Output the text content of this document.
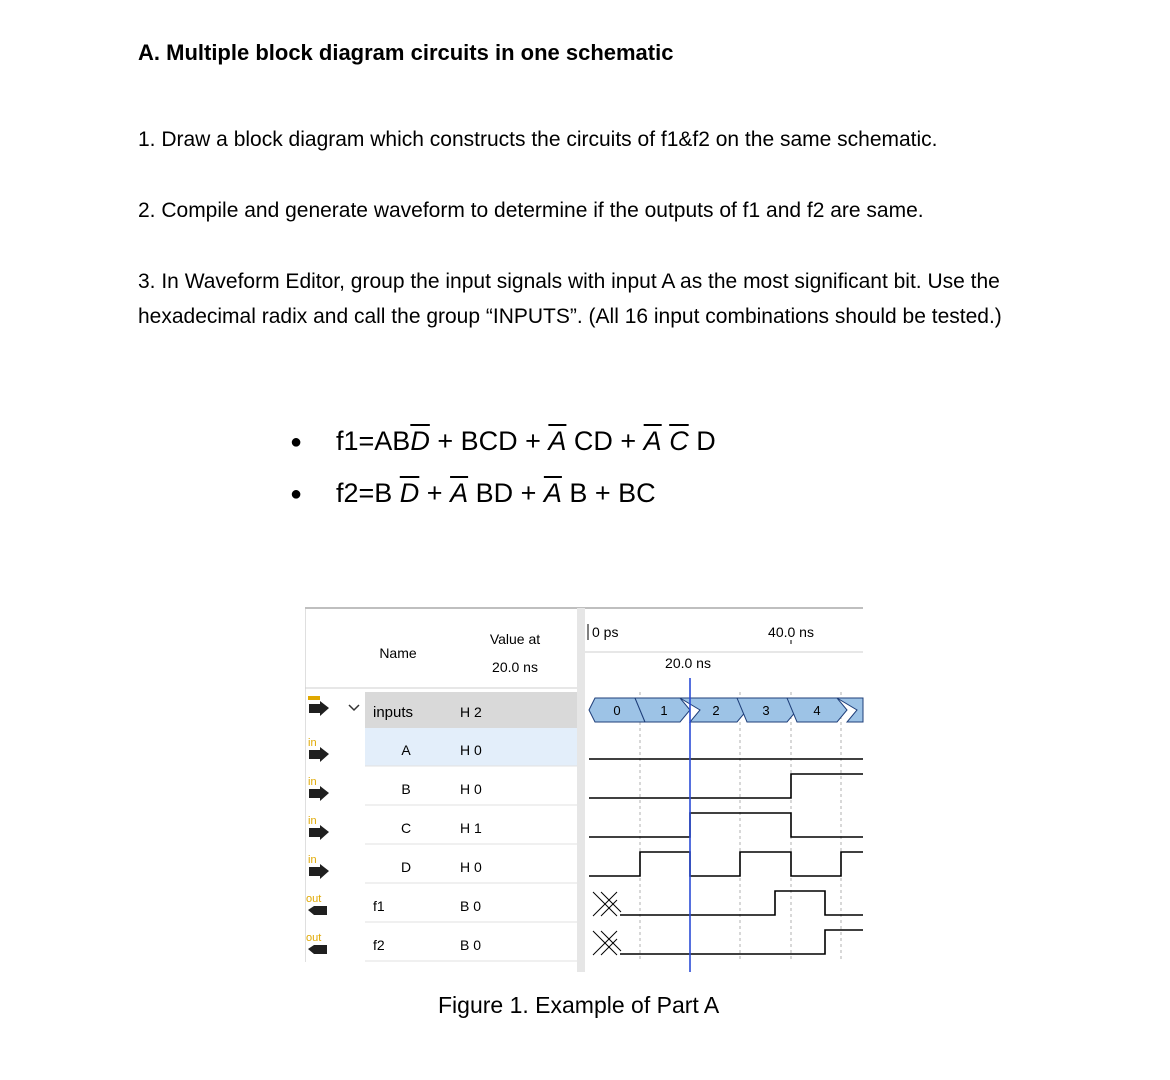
A. Multiple block diagram circuits in one schematic
1. Draw a block diagram which constructs the circuits of f1&f2 on the same schematic.
2. Compile and generate waveform to determine if the outputs of f1 and f2 are same.
3. In Waveform Editor, group the input signals with input A as the most significant bit. Use the hexadecimal radix and call the group “INPUTS”. (All 16 input combinations should be tested.)
● $f1=AB\overline{D}$ + BCD + $\overline{A}$ CD + $\overline{A}$ $\overline{C}$ D
● f2=B $\overline{D} + \overline{A}$ BD + $\overline{A}$ B + BC
Name
Value at
20.0 ns
0 ps
20.0 ns
40.0 ns
in
in
in
in
out
out
inputs	H 2
A	H 0
B	H 0
C	H 1
D	H 0
f1	B 0
f2	B 0
0	1	2	3	4
Figure 1. Example of Part A
